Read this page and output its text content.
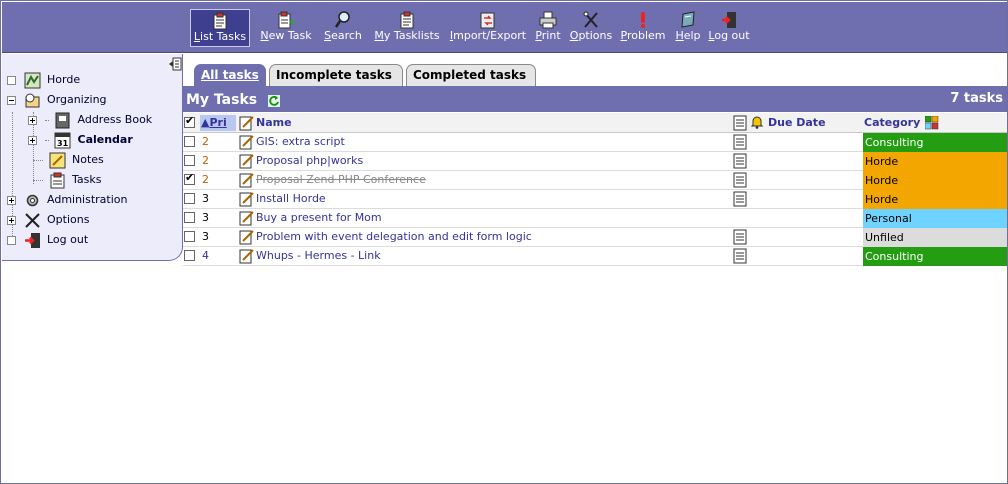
List Tasks	New Task	Search	My Tasklists Import/Export Print Options Problem Help Log out
Horde
Organizing
Address Book

31 Calendar
Notes
Tasks
Administration
Options
Log out
All tasks	Incomplete tasks	Completed tasks
My Tasks	7 tasks
✔
▲Pri	Name	Due Date	Category
2	GIS: extra script	Consulting
2	Proposal php|works	Horde
✔
2	Proposal Zend PHP Conference	Horde
3	Install Horde	Horde
3	Buy a present for Mom	Personal
3	Problem with event delegation and edit form logic	Unfiled
4	Whups - Hermes - Link	Consulting
